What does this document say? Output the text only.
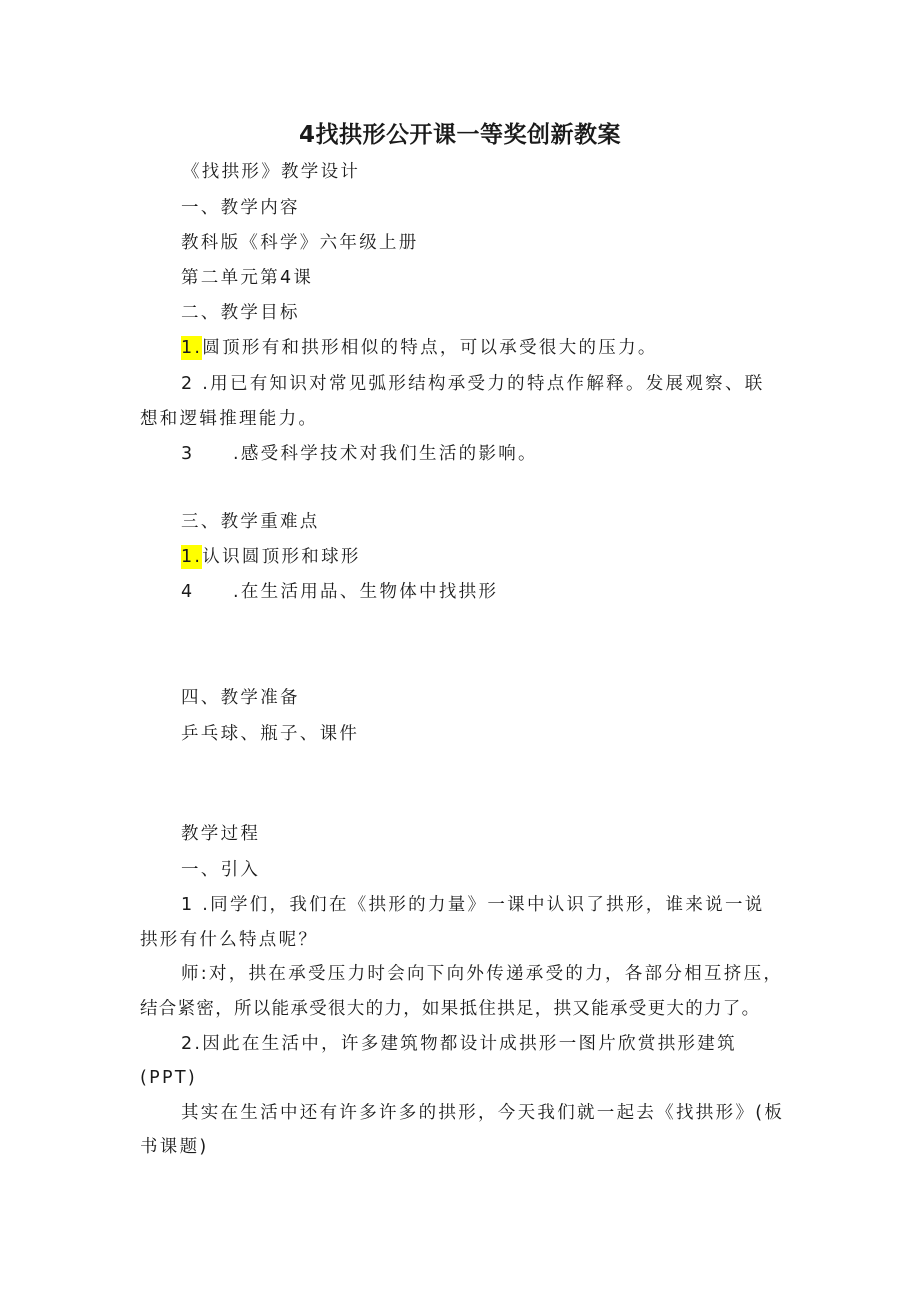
4找拱形公开课一等奖创新教案
《找拱形》教学设计
一、教学内容
教科版《科学》六年级上册
第二单元第4课
二、教学目标
1.圆顶形有和拱形相似的特点，可以承受很大的压力。
2 .用已有知识对常见弧形结构承受力的特点作解释。发展观察、联
想和逻辑推理能力。
3 .感受科学技术对我们生活的影响。
三、教学重难点
1.认识圆顶形和球形
4 .在生活用品、生物体中找拱形
四、教学准备
乒乓球、瓶子、课件
教学过程
一、引入
1 .同学们，我们在《拱形的力量》一课中认识了拱形，谁来说一说
拱形有什么特点呢？
师:对，拱在承受压力时会向下向外传递承受的力，各部分相互挤压，
结合紧密，所以能承受很大的力，如果抵住拱足，拱又能承受更大的力了。
2.因此在生活中，许多建筑物都设计成拱形一图片欣赏拱形建筑
(PPT)
其实在生活中还有许多许多的拱形，今天我们就一起去《找拱形》(板
书课题)
